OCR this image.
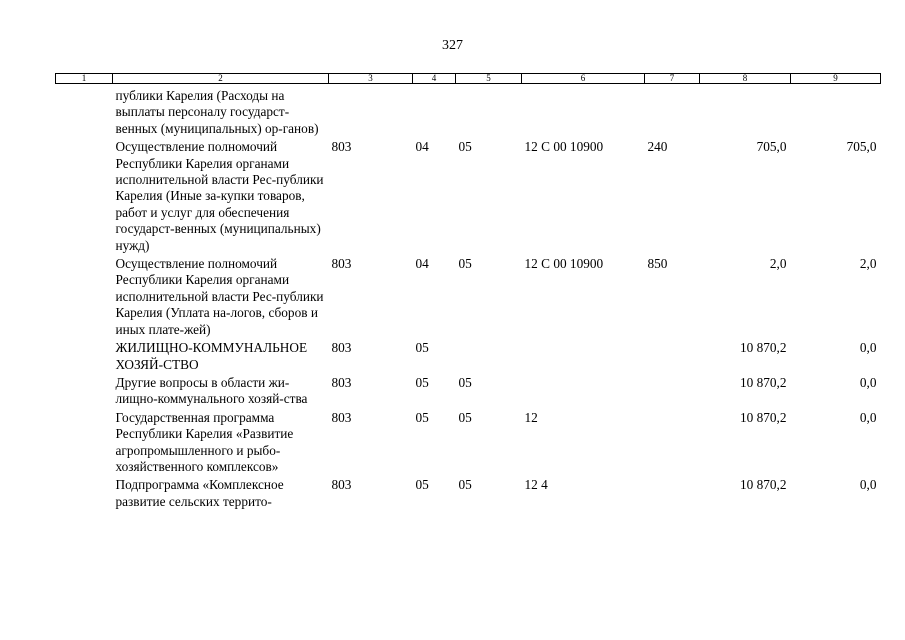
327
1	2	3	4	5	6	7	8	9
	публики Карелия (Расходы на выплаты персоналу государст-венных (муниципальных) ор-ганов)							
	Осуществление полномочий Республики Карелия органами исполнительной власти Рес-публики Карелия (Иные за-купки товаров, работ и услуг для обеспечения государст-венных (муниципальных) нужд)	803	04	05	12 С 00 10900	240	705,0	705,0
	Осуществление полномочий Республики Карелия органами исполнительной власти Рес-публики Карелия (Уплата на-логов, сборов и иных плате-жей)	803	04	05	12 С 00 10900	850	2,0	2,0
	ЖИЛИЩНО-КОММУНАЛЬНОЕ ХОЗЯЙ-СТВО	803	05				10 870,2	0,0
	Другие вопросы в области жи-лищно-коммунального хозяй-ства	803	05	05			10 870,2	0,0
	Государственная программа Республики Карелия «Развитие агропромышленного и рыбо-хозяйственного комплексов»	803	05	05	12		10 870,2	0,0
	Подпрограмма «Комплексное развитие сельских террито-	803	05	05	12 4		10 870,2	0,0
